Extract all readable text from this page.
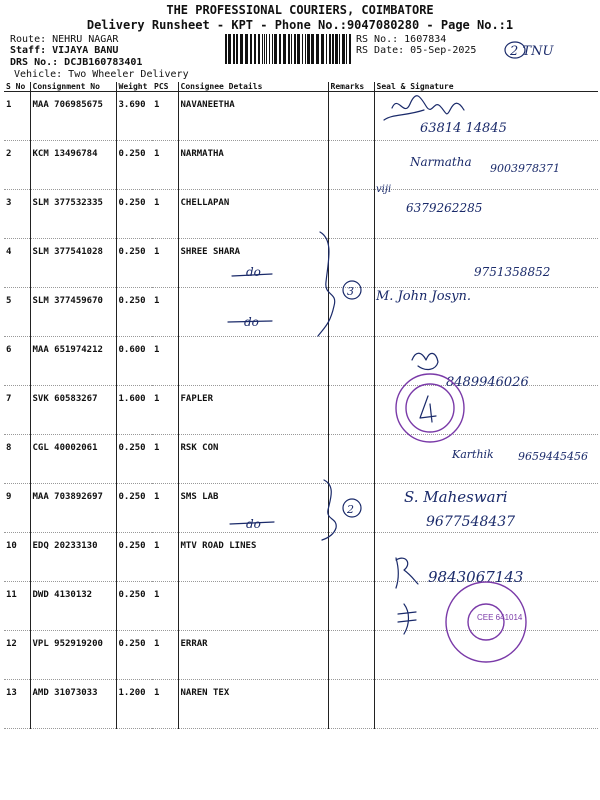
THE PROFESSIONAL COURIERS, COIMBATORE
Delivery Runsheet - KPT - Phone No.:9047080280 - Page No.:1
Route: NEHRU NAGAR
Staff: VIJAYA BANU
DRS No.: DCJB160783401
Vehicle: Two Wheeler Delivery
RS No.: 1607834
RS Date: 05-Sep-2025	2 TNU
S No	Consignment No	Weight	PCS	Consignee Details	Remarks	Seal & Signature
1	MAA 706985675	3.690	1	NAVANEETHA		
2	KCM 13496784	0.250	1	NARMATHA		
3	SLM 377532335	0.250	1	CHELLAPAN		
4	SLM 377541028	0.250	1	SHREE SHARA		
5	SLM 377459670	0.250	1			
6	MAA 651974212	0.600	1			
7	SVK 60583267	1.600	1	FAPLER		
8	CGL 40002061	0.250	1	RSK CON		
9	MAA 703892697	0.250	1	SMS LAB		
10	EDQ 20233130	0.250	1	MTV ROAD LINES		
11	DWD 4130132	0.250	1			
12	VPL 952919200	0.250	1	ERRAR		
13	AMD 31073033	1.200	1	NAREN TEX		
63814 14845
Narmatha 9003978371
viji
6379262285
do
do
3
9751358852
M. John Josyn.
8489946026
Karthik 9659445456
2
do
S. Maheswari
9677548437
9843067143
CEE 641014
